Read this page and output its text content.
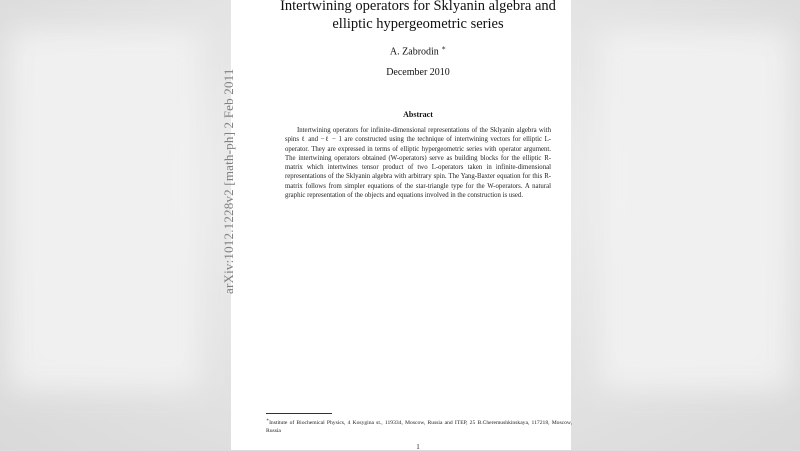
arXiv:1012.1228v2 [math-ph] 2 Feb 2011
Intertwining operators for Sklyanin algebra and
elliptic hypergeometric series
A. Zabrodin ∗
December 2010
Abstract
Intertwining operators for infinite-dimensional representations of the Sklyanin algebra with spins ℓ and −ℓ − 1 are constructed using the technique of intertwining vectors for elliptic L-operator. They are expressed in terms of elliptic hypergeometric series with operator argument. The intertwining operators obtained (W-operators) serve as building blocks for the elliptic R-matrix which intertwines tensor product of two L-operators taken in infinite-dimensional representations of the Sklyanin algebra with arbitrary spin. The Yang-Baxter equation for this R-matrix follows from simpler equations of the star-triangle type for the W-operators. A natural graphic representation of the objects and equations involved in the construction is used.
∗Institute of Biochemical Physics, 4 Kosygina st., 119334, Moscow, Russia and ITEP, 25 B.Cheremushkinskaya, 117218, Moscow, Russia
1
